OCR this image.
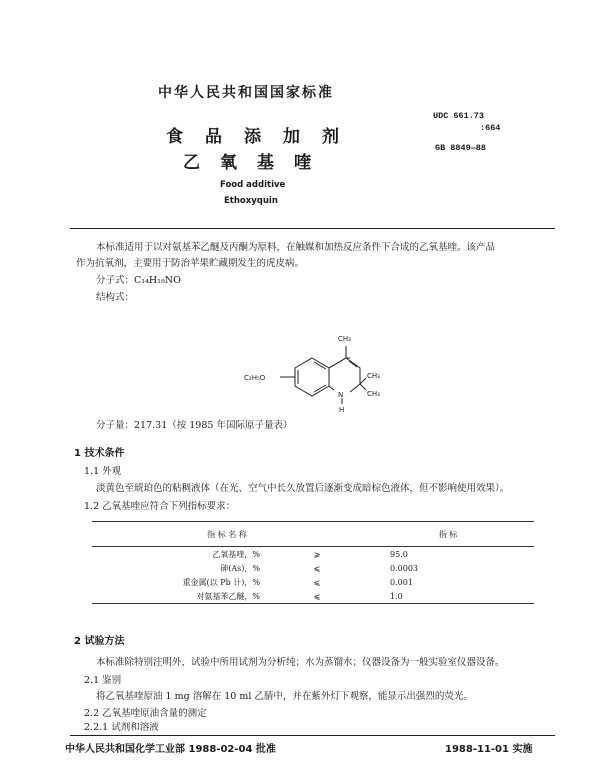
中华人民共和国国家标准
UDC 661.73
:664
GB 8849—88
食品添加剂
乙氧基喹
Food additive
Ethoxyquin
本标准适用于以对氨基苯乙醚及丙酮为原料，在触媒和加热反应条件下合成的乙氧基喹。该产品
作为抗氧剂，主要用于防治苹果贮藏期发生的虎皮病。
分子式：C₁₄H₁₉NO
结构式：
CH₃
C₂H₅O	CH₃
CH₃
N
H
分子量：217.31（按 1985 年国际原子量表）
1 技术条件
1.1 外观
淡黄色至琥珀色的粘稠液体（在光、空气中长久放置后逐渐变成暗棕色液体，但不影响使用效果）。
1.2 乙氧基喹应符合下列指标要求：
指 标 名 称		指 标
乙氧基喹，%	⩾	95.0
砷(As)，%	⩽	0.0003
重金属(以 Pb 计)，%	⩽	0.001
对氨基苯乙醚，%	⩽	1.0
2 试验方法
本标准除特别注明外，试验中所用试剂为分析纯；水为蒸馏水；仪器设备为一般实验室仪器设备。
2.1 鉴别
将乙氧基喹原油 1 mg 溶解在 10 ml 乙腈中，并在紫外灯下观察，能显示出强烈的荧光。
2.2 乙氧基喹原油含量的测定
2.2.1 试剂和溶液
中华人民共和国化学工业部 1988-02-04 批准	1988-11-01 实施
